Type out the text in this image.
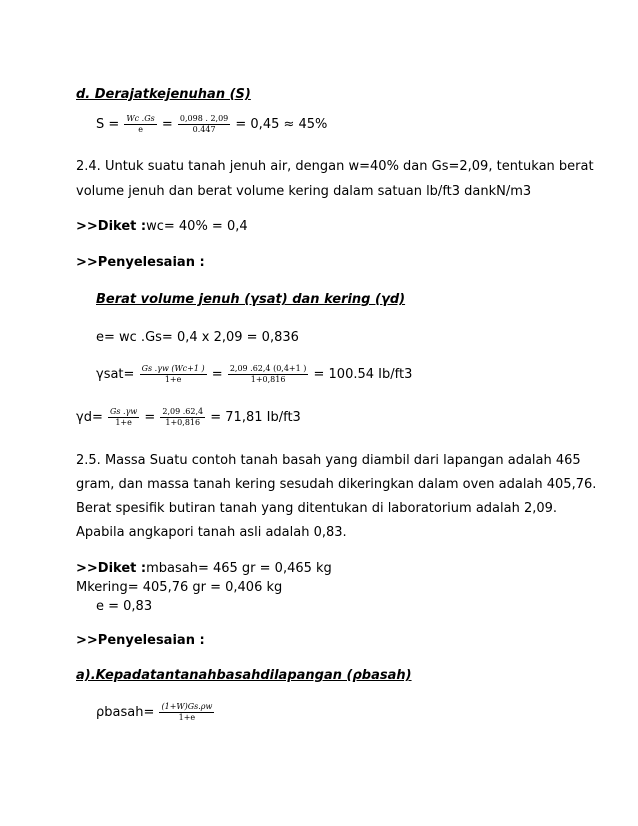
d. Derajatkejenuhan (S)
$S = \frac{Wc .Gs}{e} = \frac{0,098 . 2,09}{0.447} = 0,45 \approx 45\%$
2.4. Untuk suatu tanah jenuh air, dengan w=40% dan Gs=2,09, tentukan berat
volume jenuh dan berat volume kering dalam satuan lb/ft3 dankN/m3
>>Diket :wc= 40% = 0,4
>>Penyelesaian :
Berat volume jenuh (γsat) dan kering (γd)
e= wc .Gs= 0,4 x 2,09 = 0,836
$\gamma sat= \frac{Gs .\gamma w (Wc+1 )}{1+e} = \frac{2,09 .62,4 (0,4+1 )}{1+0,816} = 100.54$ Ib/ft3
$\gamma d= \frac{Gs .\gamma w}{1+e} = \frac{2,09 .62,4}{1+0,816} = 71,81$ Ib/ft3
2.5. Massa Suatu contoh tanah basah yang diambil dari lapangan adalah 465
gram, dan massa tanah kering sesudah dikeringkan dalam oven adalah 405,76.
Berat spesifik butiran tanah yang ditentukan di laboratorium adalah 2,09.
Apabila angkapori tanah asli adalah 0,83.
>>Diket :mbasah= 465 gr = 0,465 kg
Mkering= 405,76 gr = 0,406 kg
e = 0,83
>>Penyelesaian :
a).Kepadatantanahbasahdilapangan (ρbasah)
ρbasah= $\frac{(1+W)Gs.\rho w}{1+e}$
